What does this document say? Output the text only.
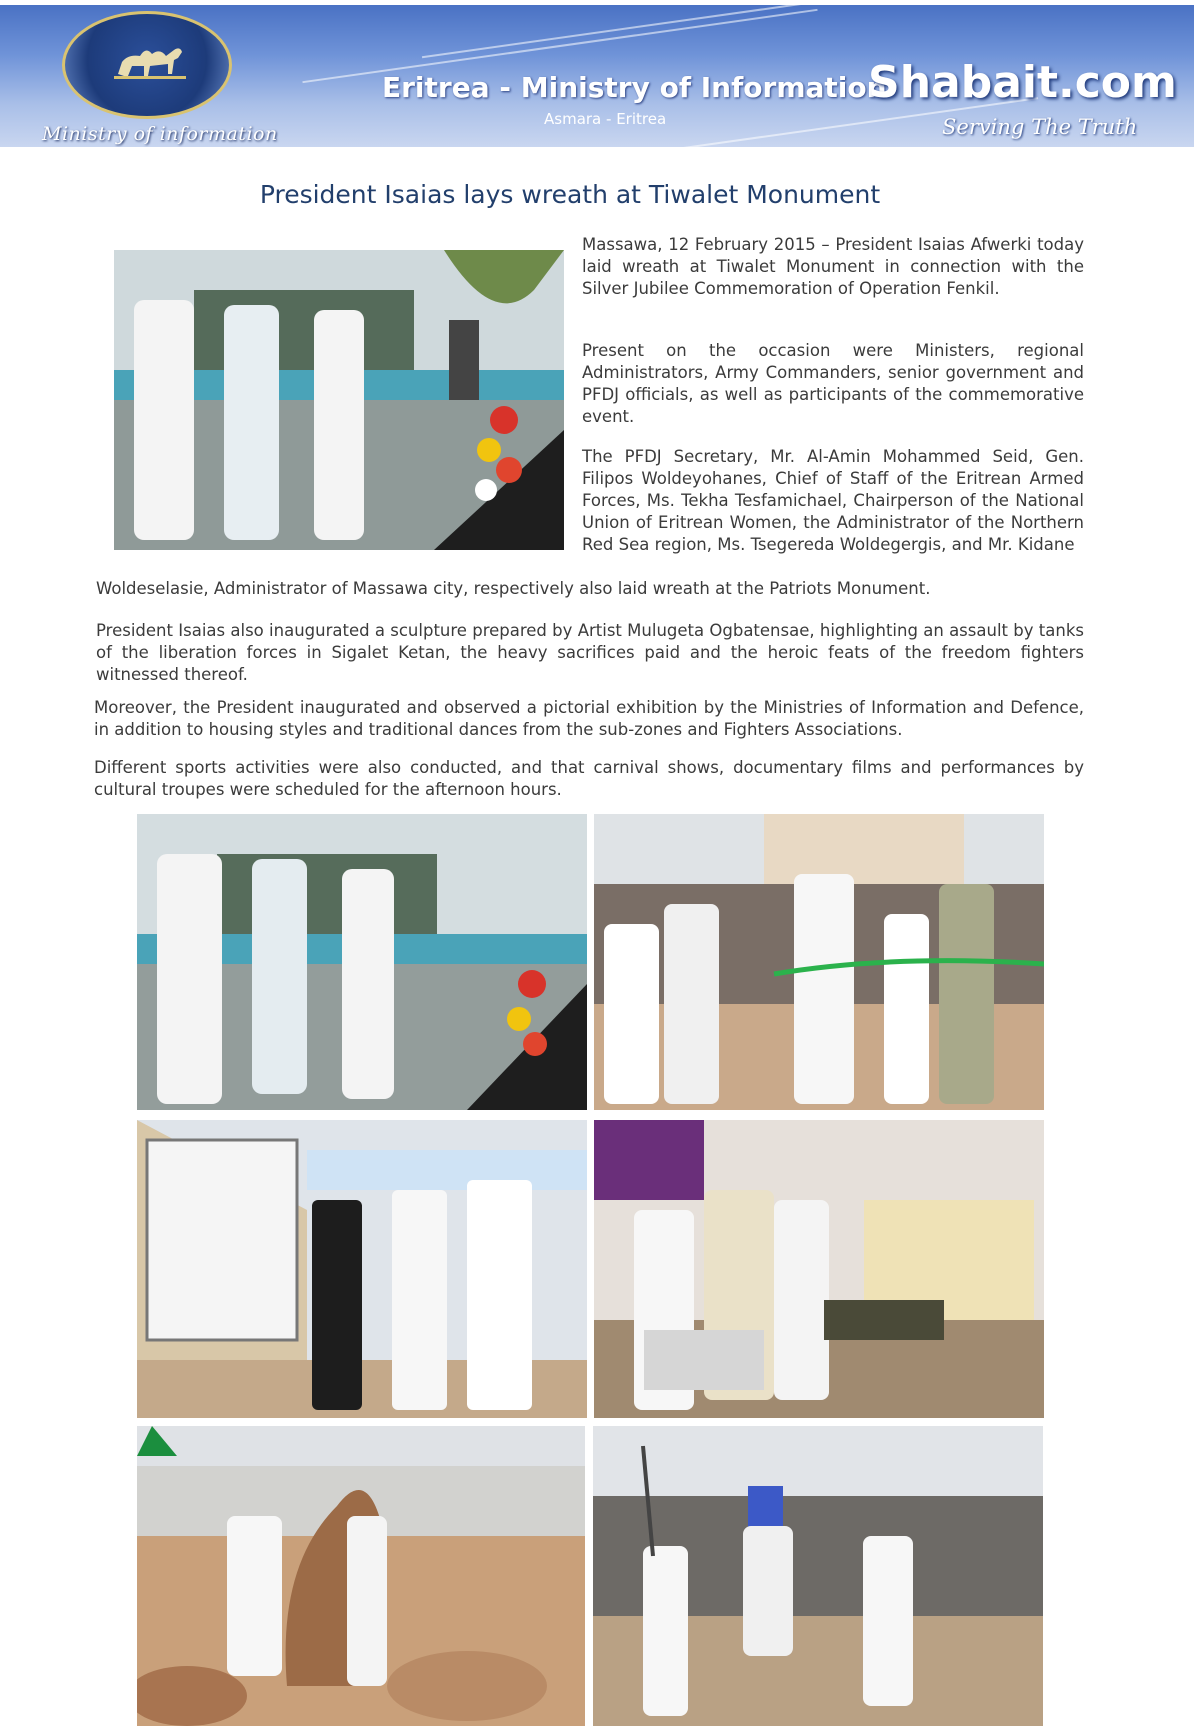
Ministry of information
Eritrea - Ministry of Information
Asmara - Eritrea
Shabait.com
Serving The Truth
President Isaias lays wreath at Tiwalet Monument
Massawa, 12 February 2015 – President Isaias Afwerki today laid wreath at Tiwalet Monument in connection with the Silver Jubilee Commemoration of Operation Fenkil.
Present on the occasion were Ministers, regional Administrators, Army Commanders, senior government and PFDJ officials, as well as participants of the commemorative event.
The PFDJ Secretary, Mr. Al-Amin Mohammed Seid, Gen. Filipos Woldeyohanes, Chief of Staff of the Eritrean Armed Forces, Ms. Tekha Tesfamichael, Chairperson of the National Union of Eritrean Women, the Administrator of the Northern Red Sea region, Ms. Tsegereda Woldegergis, and Mr. Kidane
Woldeselasie, Administrator of Massawa city, respectively also laid wreath at the Patriots Monument.
President Isaias also inaugurated a sculpture prepared by Artist Mulugeta Ogbatensae, highlighting an assault by tanks of the liberation forces in Sigalet Ketan, the heavy sacrifices paid and the heroic feats of the freedom fighters witnessed thereof.
Moreover, the President inaugurated and observed a pictorial exhibition by the Ministries of Information and Defence, in addition to housing styles and traditional dances from the sub-zones and Fighters Associations.
Different sports activities were also conducted, and that carnival shows, documentary films and performances by cultural troupes were scheduled for the afternoon hours.
